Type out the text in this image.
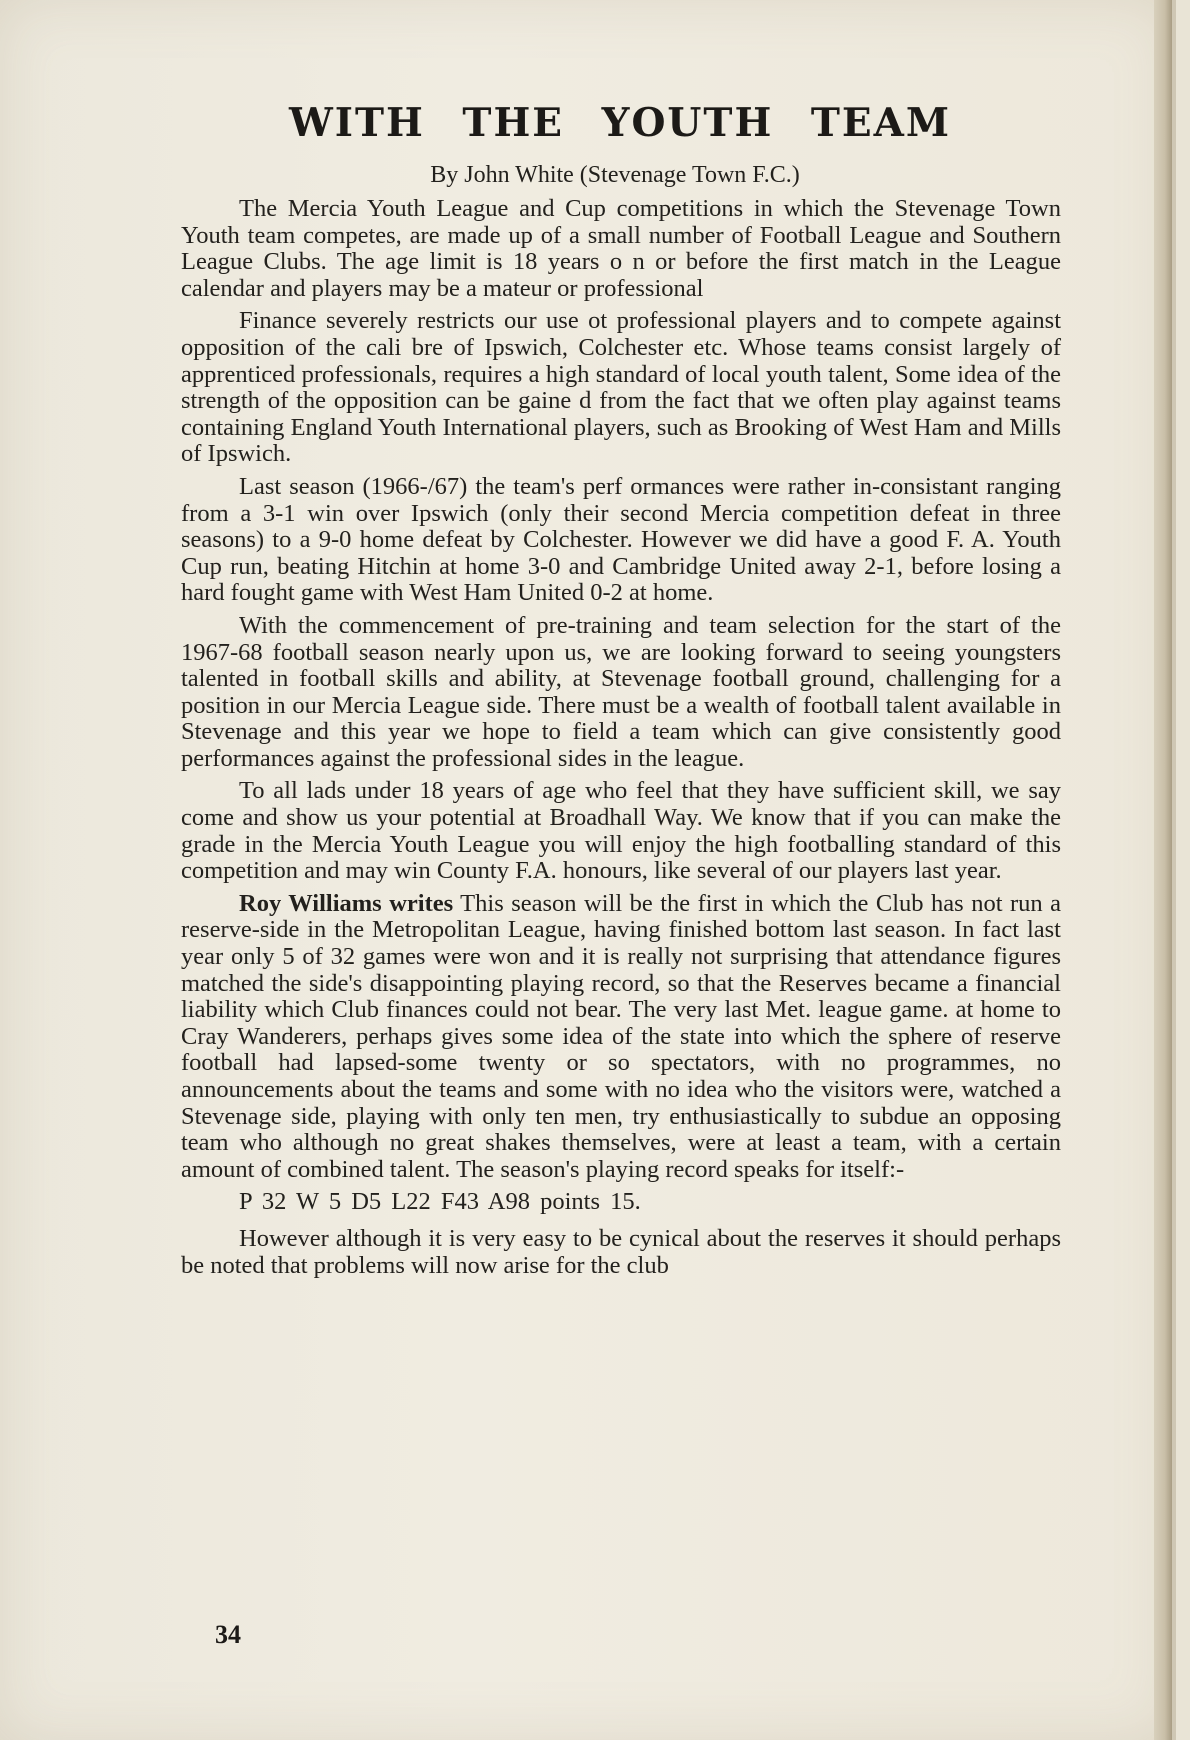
WITH THE YOUTH TEAM

By John White (Stevenage Town F.C.)

The Mercia Youth League and Cup competitions in which the Stevenage Town Youth team competes, are made up of a small number of Football League and Southern League Clubs. The age limit is 18 years o n or before the first match in the League calendar and players may be a mateur or professional

Finance severely restricts our use ot professional players and to compete against opposition of the cali bre of Ipswich, Colchester etc. Whose teams consist largely of apprenticed professionals, requires a high standard of local youth talent, Some idea of the strength of the opposition can be gaine d from the fact that we often play against teams containing England Youth International players, such as Brooking of West Ham and Mills of Ipswich.

Last season (1966-/67) the team's perf ormances were rather in-consistant ranging from a 3-1 win over Ipswich (only their second Mercia competition defeat in three seasons) to a 9-0 home defeat by Colchester. However we did have a good F. A. Youth Cup run, beating Hitchin at home 3-0 and Cambridge United away 2-1, before losing a hard fought game with West Ham United 0-2 at home.

With the commencement of pre-training and team selection for the start of the 1967-68 football season nearly upon us, we are looking forward to seeing youngsters talented in football skills and ability, at Stevenage football ground, challenging for a position in our Mercia League side. There must be a wealth of football talent available in Stevenage and this year we hope to field a team which can give consistently good performances against the professional sides in the league.

To all lads under 18 years of age who feel that they have sufficient skill, we say come and show us your potential at Broadhall Way. We know that if you can make the grade in the Mercia Youth League you will enjoy the high footballing standard of this competition and may win County F.A. honours, like several of our players last year.

Roy Williams writes This season will be the first in which the Club has not run a reserve-side in the Metropolitan League, having finished bottom last season. In fact last year only 5 of 32 games were won and it is really not surprising that attendance figures matched the side's disappointing playing record, so that the Reserves became a financial liability which Club finances could not bear. The very last Met. league game. at home to Cray Wanderers, perhaps gives some idea of the state into which the sphere of reserve football had lapsed-some twenty or so spectators, with no programmes, no announcements about the teams and some with no idea who the visitors were, watched a Stevenage side, playing with only ten men, try enthusiastically to subdue an opposing team who although no great shakes themselves, were at least a team, with a certain amount of combined talent. The season's playing record speaks for itself:-

P 32 W 5 D5 L22 F43 A98 points 15.

However although it is very easy to be cynical about the reserves it should perhaps be noted that problems will now arise for the club

34
